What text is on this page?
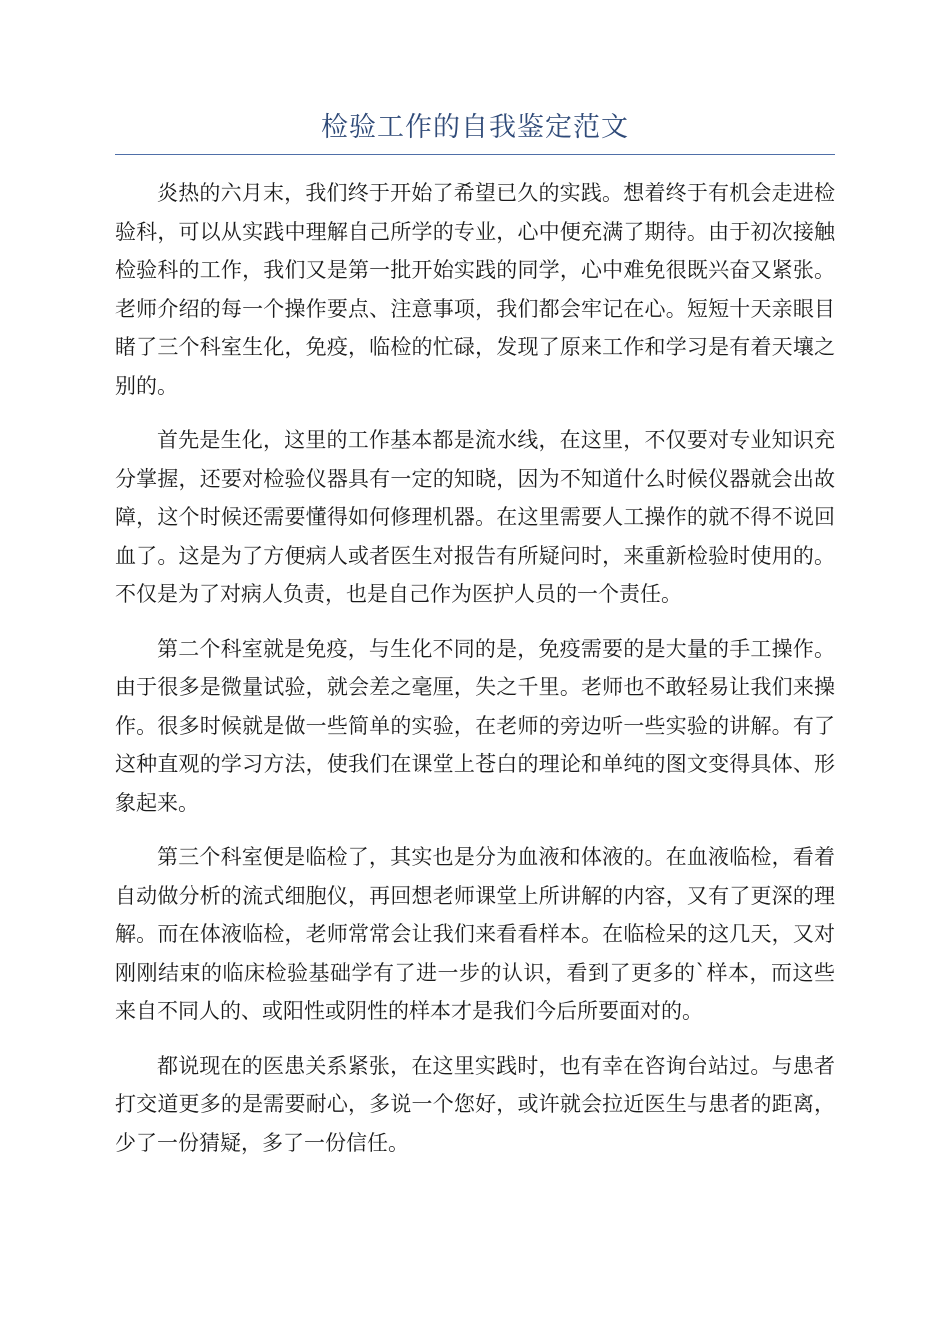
检验工作的自我鉴定范文

炎热的六月末，我们终于开始了希望已久的实践。想着终于有机会走进检验科，可以从实践中理解自己所学的专业，心中便充满了期待。由于初次接触检验科的工作，我们又是第一批开始实践的同学，心中难免很既兴奋又紧张。老师介绍的每一个操作要点、注意事项，我们都会牢记在心。短短十天亲眼目睹了三个科室生化，免疫，临检的忙碌，发现了原来工作和学习是有着天壤之别的。

首先是生化，这里的工作基本都是流水线，在这里，不仅要对专业知识充分掌握，还要对检验仪器具有一定的知晓，因为不知道什么时候仪器就会出故障，这个时候还需要懂得如何修理机器。在这里需要人工操作的就不得不说回血了。这是为了方便病人或者医生对报告有所疑问时，来重新检验时使用的。不仅是为了对病人负责，也是自己作为医护人员的一个责任。

第二个科室就是免疫，与生化不同的是，免疫需要的是大量的手工操作。由于很多是微量试验，就会差之毫厘，失之千里。老师也不敢轻易让我们来操作。很多时候就是做一些简单的实验，在老师的旁边听一些实验的讲解。有了这种直观的学习方法，使我们在课堂上苍白的理论和单纯的图文变得具体、形象起来。

第三个科室便是临检了，其实也是分为血液和体液的。在血液临检，看着自动做分析的流式细胞仪，再回想老师课堂上所讲解的内容，又有了更深的理解。而在体液临检，老师常常会让我们来看看样本。在临检呆的这几天，又对刚刚结束的临床检验基础学有了进一步的认识，看到了更多的`样本，而这些来自不同人的、或阳性或阴性的样本才是我们今后所要面对的。

都说现在的医患关系紧张，在这里实践时，也有幸在咨询台站过。与患者打交道更多的是需要耐心，多说一个您好，或许就会拉近医生与患者的距离，少了一份猜疑，多了一份信任。
